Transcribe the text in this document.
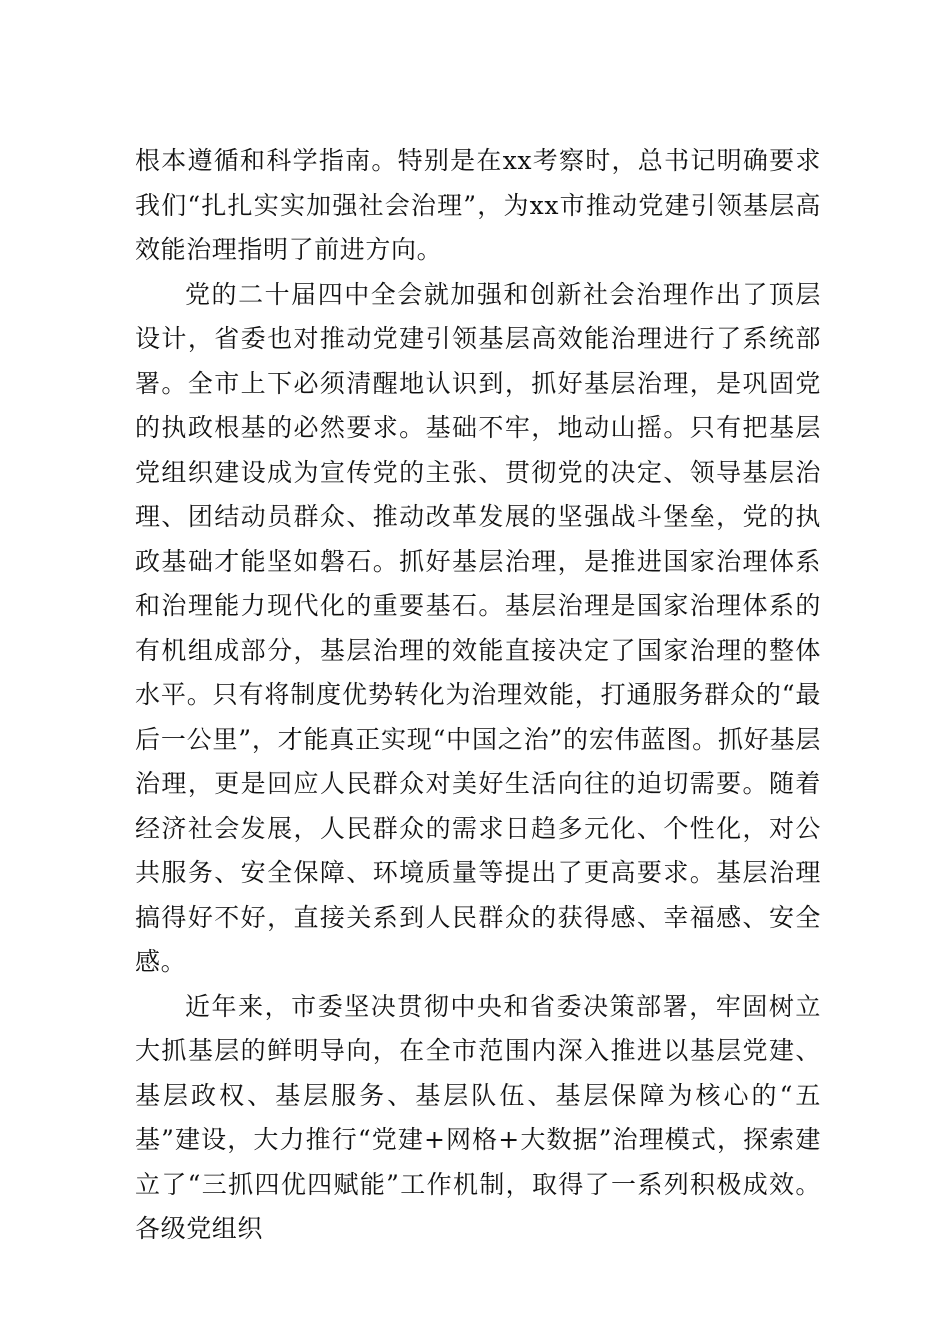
根本遵循和科学指南。特别是在xx考察时，总书记明确要求我们“扎扎实实加强社会治理”，为xx市推动党建引领基层高效能治理指明了前进方向。

党的二十届四中全会就加强和创新社会治理作出了顶层设计，省委也对推动党建引领基层高效能治理进行了系统部署。全市上下必须清醒地认识到，抓好基层治理，是巩固党的执政根基的必然要求。基础不牢，地动山摇。只有把基层党组织建设成为宣传党的主张、贯彻党的决定、领导基层治理、团结动员群众、推动改革发展的坚强战斗堡垒，党的执政基础才能坚如磐石。抓好基层治理，是推进国家治理体系和治理能力现代化的重要基石。基层治理是国家治理体系的有机组成部分，基层治理的效能直接决定了国家治理的整体水平。只有将制度优势转化为治理效能，打通服务群众的“最后一公里”，才能真正实现“中国之治”的宏伟蓝图。抓好基层治理，更是回应人民群众对美好生活向往的迫切需要。随着经济社会发展，人民群众的需求日趋多元化、个性化，对公共服务、安全保障、环境质量等提出了更高要求。基层治理搞得好不好，直接关系到人民群众的获得感、幸福感、安全感。

近年来，市委坚决贯彻中央和省委决策部署，牢固树立大抓基层的鲜明导向，在全市范围内深入推进以基层党建、基层政权、基层服务、基层队伍、基层保障为核心的“五基”建设，大力推行“党建+网格+大数据”治理模式，探索建立了“三抓四优四赋能”工作机制，取得了一系列积极成效。各级党组织
